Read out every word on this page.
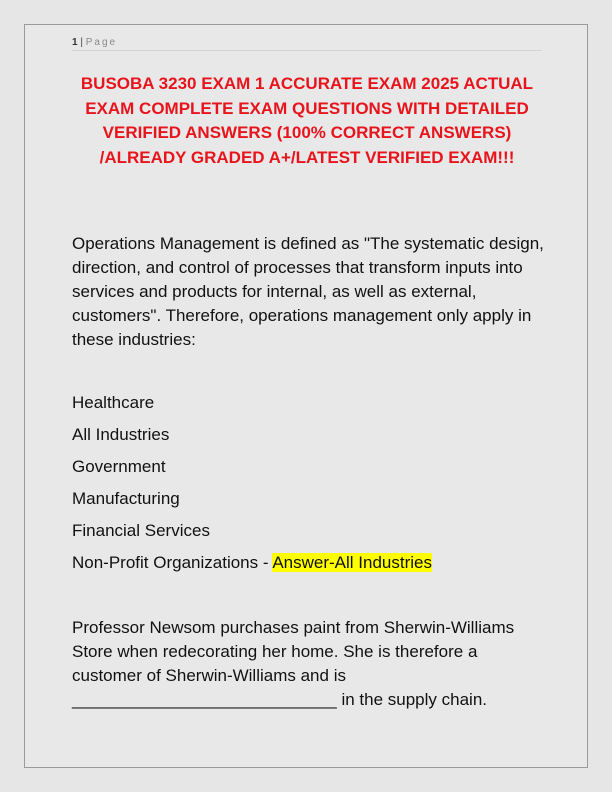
1 | Page
BUSOBA 3230 EXAM 1 ACCURATE EXAM 2025 ACTUAL EXAM COMPLETE EXAM QUESTIONS WITH DETAILED VERIFIED ANSWERS (100% CORRECT ANSWERS) /ALREADY GRADED A+/LATEST VERIFIED EXAM!!!

Operations Management is defined as "The systematic design, direction, and control of processes that transform inputs into services and products for internal, as well as external, customers". Therefore, operations management only apply in these industries:

Healthcare
All Industries
Government
Manufacturing
Financial Services
Non-Profit Organizations - Answer-All Industries

Professor Newsom purchases paint from Sherwin-Williams Store when redecorating her home. She is therefore a customer of Sherwin-Williams and is
____________________________ in the supply chain.
